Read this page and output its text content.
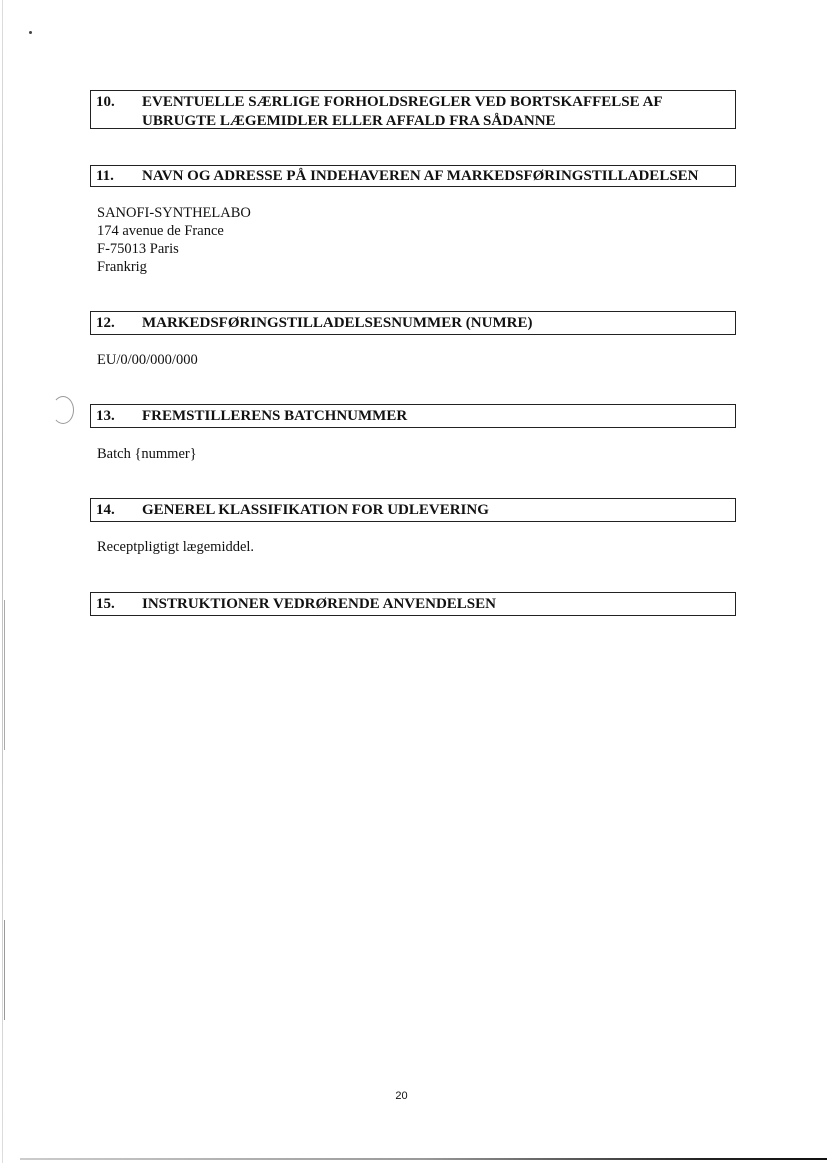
10.	EVENTUELLE SÆRLIGE FORHOLDSREGLER VED BORTSKAFFELSE AF
UBRUGTE LÆGEMIDLER ELLER AFFALD FRA SÅDANNE
11.	NAVN OG ADRESSE PÅ INDEHAVEREN AF MARKEDSFØRINGSTILLADELSEN
SANOFI-SYNTHELABO
174 avenue de France
F-75013 Paris
Frankrig
12.	MARKEDSFØRINGSTILLADELSESNUMMER (NUMRE)
EU/0/00/000/000
13.	FREMSTILLERENS BATCHNUMMER
Batch {nummer}
14.	GENEREL KLASSIFIKATION FOR UDLEVERING
Receptpligtigt lægemiddel.
15.	INSTRUKTIONER VEDRØRENDE ANVENDELSEN
20
